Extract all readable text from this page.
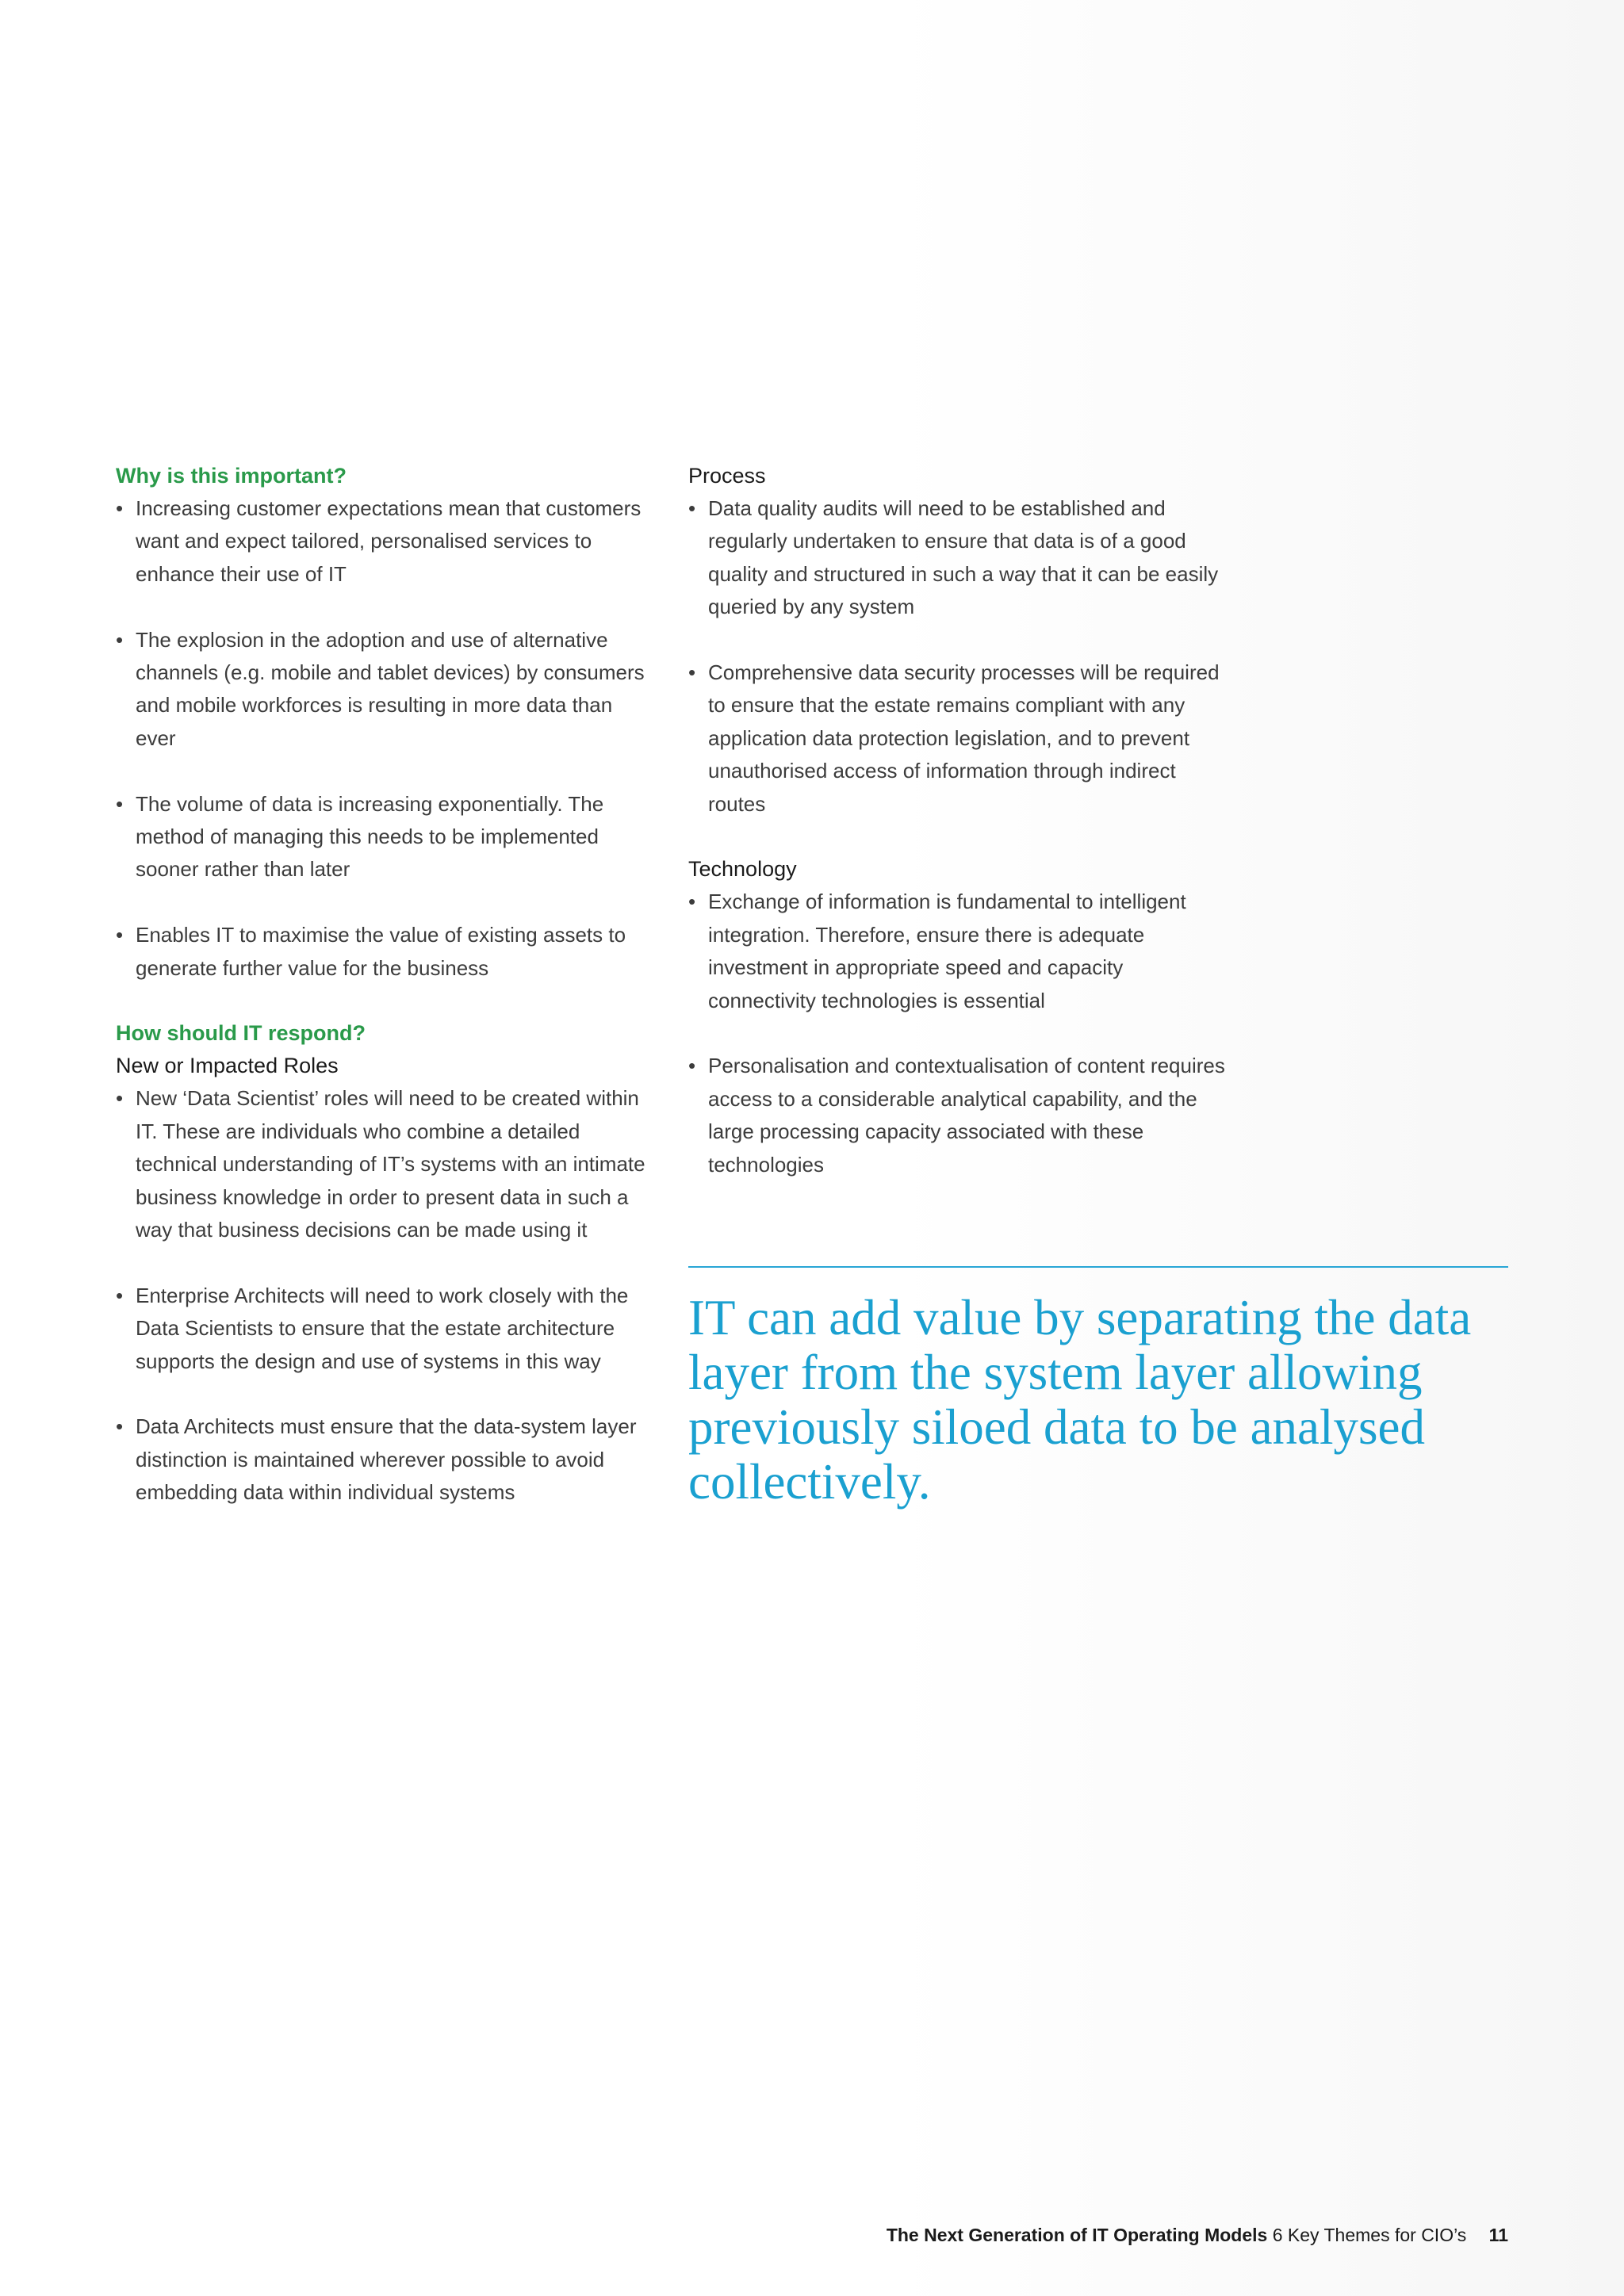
Why is this important?

• Increasing customer expectations mean that customers want and expect tailored, personalised services to enhance their use of IT
• The explosion in the adoption and use of alternative channels (e.g. mobile and tablet devices) by consumers and mobile workforces is resulting in more data than ever
• The volume of data is increasing exponentially. The method of managing this needs to be implemented sooner rather than later
• Enables IT to maximise the value of existing assets to generate further value for the business

How should IT respond?

New or Impacted Roles

• New ‘Data Scientist’ roles will need to be created within IT. These are individuals who combine a detailed technical understanding of IT’s systems with an intimate business knowledge in order to present data in such a way that business decisions can be made using it
• Enterprise Architects will need to work closely with the Data Scientists to ensure that the estate architecture supports the design and use of systems in this way
• Data Architects must ensure that the data-system layer distinction is maintained wherever possible to avoid embedding data within individual systems

Process

• Data quality audits will need to be established and regularly undertaken to ensure that data is of a good quality and structured in such a way that it can be easily queried by any system
• Comprehensive data security processes will be required to ensure that the estate remains compliant with any application data protection legislation, and to prevent unauthorised access of information through indirect routes

Technology

• Exchange of information is fundamental to intelligent integration. Therefore, ensure there is adequate investment in appropriate speed and capacity connectivity technologies is essential
• Personalisation and contextualisation of content requires access to a considerable analytical capability, and the large processing capacity associated with these technologies

IT can add value by separating the data layer from the system layer allowing previously siloed data to be analysed collectively.

The Next Generation of IT Operating Models 6 Key Themes for CIO’s 11
